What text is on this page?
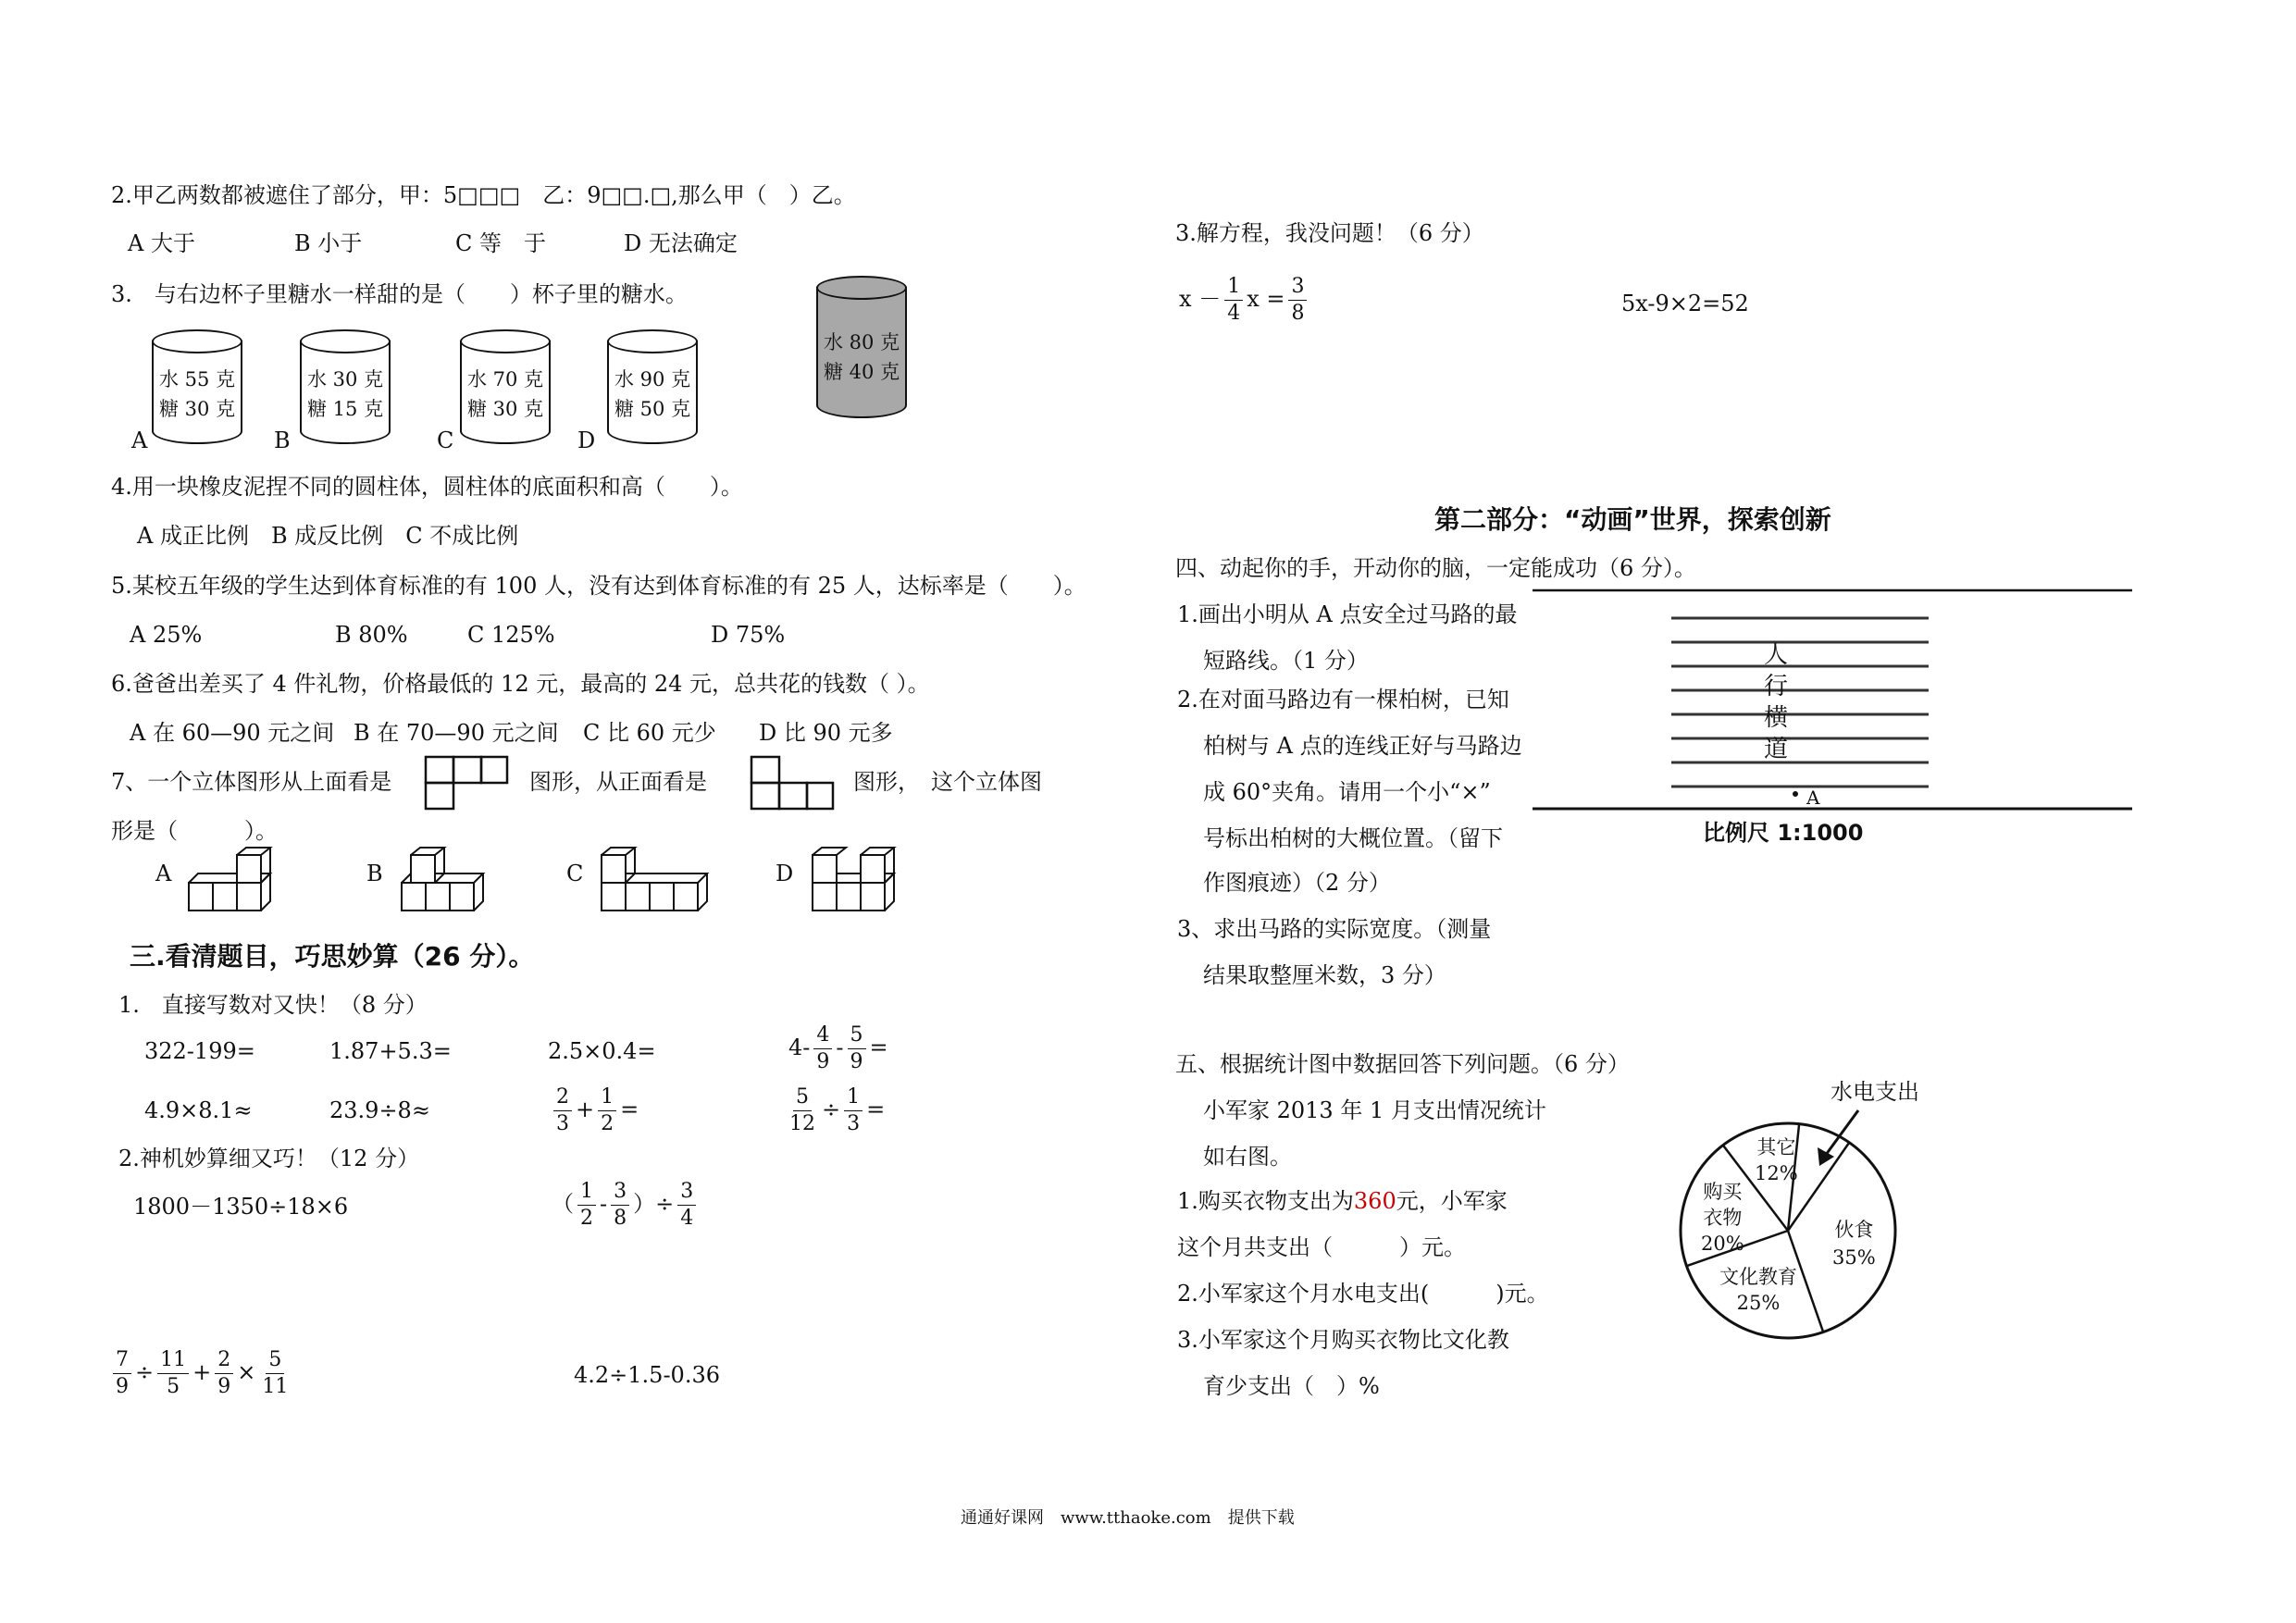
2.甲乙两数都被遮住了部分，甲：5□□□　乙：9□□.□,那么甲（　）乙。
A 大于	B 小于	C 等　于	D 无法确定
3.　与右边杯子里糖水一样甜的是（　　）杯子里的糖水。
水 55 克
糖 30 克
A
水 30 克
糖 15 克
B
水 70 克
糖 30 克
C
水 90 克
糖 50 克
D
水 80 克
糖 40 克
4.用一块橡皮泥捏不同的圆柱体，圆柱体的底面积和高（　　）。
A 成正比例　B 成反比例　C 不成比例
5.某校五年级的学生达到体育标准的有 100 人，没有达到体育标准的有 25 人，达标率是（　　）。
A 25%	B 80%	C 125%	D 75%
6.爸爸出差买了 4 件礼物，价格最低的 12 元，最高的 24 元，总共花的钱数（ ）。
A 在 60—90 元之间 B 在 70—90 元之间 C 比 60 元少 D 比 90 元多
7、一个立体图形从上面看是	图形，从正面看是	图形，　这个立体图
形是（　　　）。
A	B	C	D
三.看清题目，巧思妙算（26 分）。
1.　直接写数对又快！（8 分）
322-199=	1.87+5.3=	2.5×0.4=	$4- \frac{4}{9} - \frac{5}{9}$ =
4.9×8.1≈	23.9÷8≈	$\frac{2}{3} + \frac{1}{2}$ =	$\frac{5}{12} \div \frac{1}{3}$ =
2.神机妙算细又巧！（12 分）
1800－1350÷18×6	（ $\frac{1}{2} - \frac{3}{8}$ ）÷ $\frac{3}{4}$
$\frac{7}{9} \div \frac{11}{5} + \frac{2}{9} \times \frac{5}{11}$	4.2÷1.5-0.36
3.解方程，我没问题！（6 分）
$x - \frac{1}{4}$ $x = \frac{3}{8}$	5x-9×2=52
第二部分：“动画”世界，探索创新
四、动起你的手，开动你的脑，一定能成功（6 分）。
1.画出小明从 A 点安全过马路的最
短路线。（1 分）
2.在对面马路边有一棵柏树，已知
柏树与 A 点的连线正好与马路边
成 60°夹角。请用一个小“×”
号标出柏树的大概位置。（留下
作图痕迹）（2 分）
3、求出马路的实际宽度。（测量
结果取整厘米数，3 分）
人
行
横
道
A
比例尺 1:1000
五、根据统计图中数据回答下列问题。（6 分）
小军家 2013 年 1 月支出情况统计
如右图。
1.购买衣物支出为360元，小军家
这个月共支出（　　　）元。
2.小军家这个月水电支出(　　　)元。
3.小军家这个月购买衣物比文化教
育少支出（　）%
水电支出
其它
12%
购买
衣物
20%
伙食
35%
文化教育
25%
通通好课网　www.tthaoke.com　提供下载
